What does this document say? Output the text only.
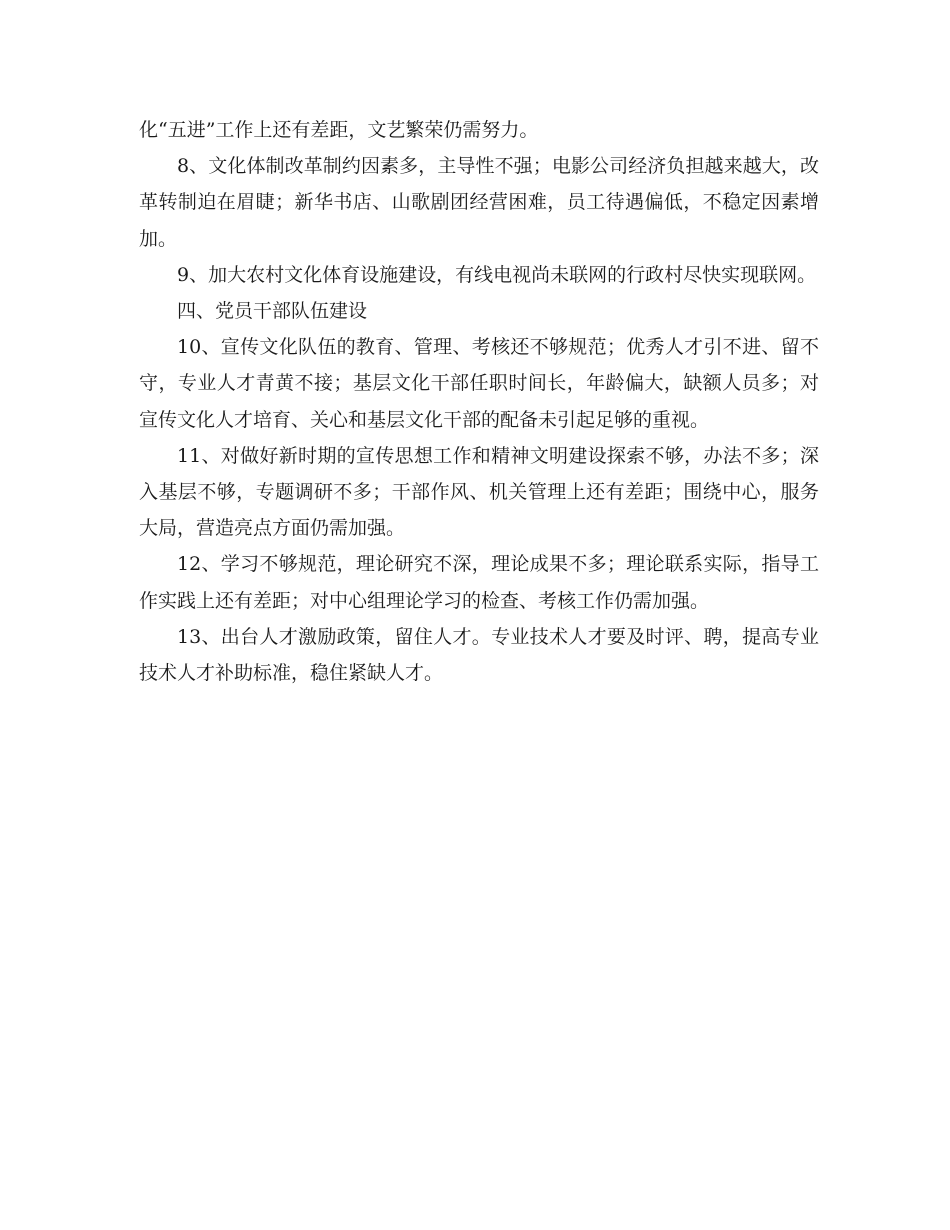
化“五进”工作上还有差距，文艺繁荣仍需努力。

8、文化体制改革制约因素多，主导性不强；电影公司经济负担越来越大，改革转制迫在眉睫；新华书店、山歌剧团经营困难，员工待遇偏低，不稳定因素增加。

9、加大农村文化体育设施建设，有线电视尚未联网的行政村尽快实现联网。

四、党员干部队伍建设

10、宣传文化队伍的教育、管理、考核还不够规范；优秀人才引不进、留不守，专业人才青黄不接；基层文化干部任职时间长，年龄偏大，缺额人员多；对宣传文化人才培育、关心和基层文化干部的配备未引起足够的重视。

11、对做好新时期的宣传思想工作和精神文明建设探索不够，办法不多；深入基层不够，专题调研不多；干部作风、机关管理上还有差距；围绕中心，服务大局，营造亮点方面仍需加强。

12、学习不够规范，理论研究不深，理论成果不多；理论联系实际，指导工作实践上还有差距；对中心组理论学习的检查、考核工作仍需加强。

13、出台人才激励政策，留住人才。专业技术人才要及时评、聘，提高专业技术人才补助标准，稳住紧缺人才。
